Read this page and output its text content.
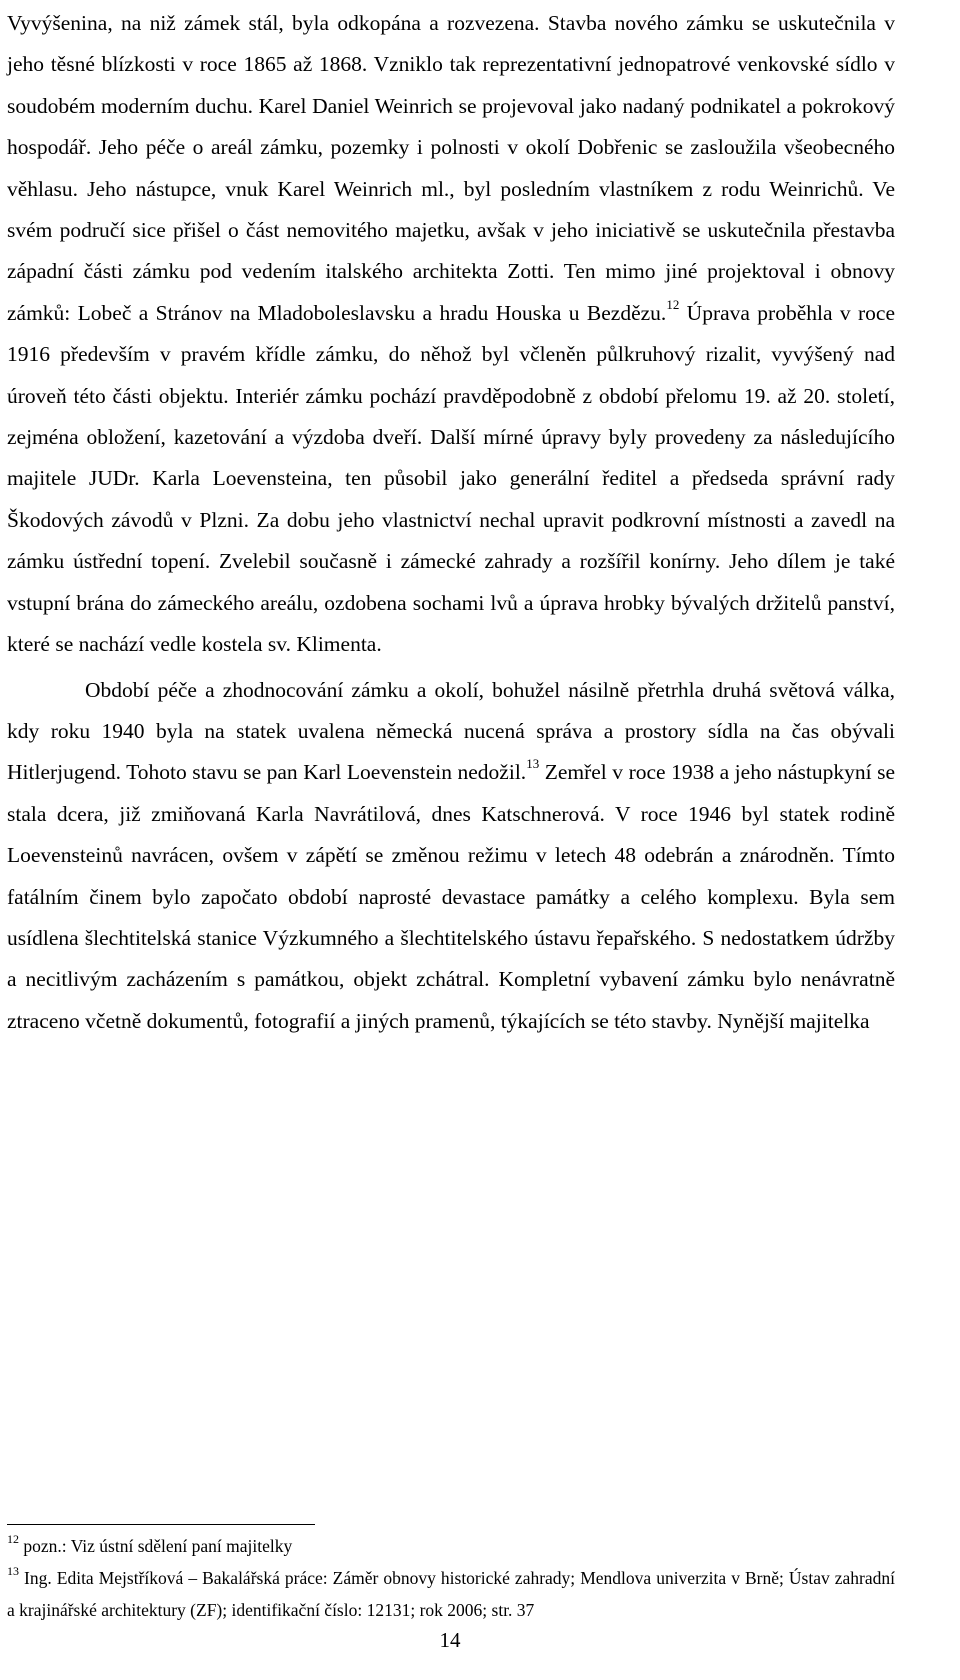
Vyvýšenina, na niž zámek stál, byla odkopána a rozvezena. Stavba nového zámku se uskutečnila v jeho těsné blízkosti v roce 1865 až 1868. Vzniklo tak reprezentativní jednopatrové venkovské sídlo v soudobém moderním duchu. Karel Daniel Weinrich se projevoval jako nadaný podnikatel a pokrokový hospodář. Jeho péče o areál zámku, pozemky i polnosti v okolí Dobřenic se zasloužila všeobecného věhlasu. Jeho nástupce, vnuk Karel Weinrich ml., byl posledním vlastníkem z rodu Weinrichů. Ve svém područí sice přišel o část nemovitého majetku, avšak v jeho iniciativě se uskutečnila přestavba západní části zámku pod vedením italského architekta Zotti. Ten mimo jiné projektoval i obnovy zámků: Lobeč a Stránov na Mladoboleslavsku a hradu Houska u Bezdězu.$^{12}$ Úprava proběhla v roce 1916 především v pravém křídle zámku, do něhož byl včleněn půlkruhový rizalit, vyvýšený nad úroveň této části objektu. Interiér zámku pochází pravděpodobně z období přelomu 19. až 20. století, zejména obložení, kazetování a výzdoba dveří. Další mírné úpravy byly provedeny za následujícího majitele JUDr. Karla Loevensteina, ten působil jako generální ředitel a předseda správní rady Škodových závodů v Plzni. Za dobu jeho vlastnictví nechal upravit podkrovní místnosti a zavedl na zámku ústřední topení. Zvelebil současně i zámecké zahrady a rozšířil konírny. Jeho dílem je také vstupní brána do zámeckého areálu, ozdobena sochami lvů a úprava hrobky bývalých držitelů panství, které se nachází vedle kostela sv. Klimenta.

Období péče a zhodnocování zámku a okolí, bohužel násilně přetrhla druhá světová válka, kdy roku 1940 byla na statek uvalena německá nucená správa a prostory sídla na čas obývali Hitlerjugend. Tohoto stavu se pan Karl Loevenstein nedožil.$^{13}$ Zemřel v roce 1938 a jeho nástupkyní se stala dcera, již zmiňovaná Karla Navrátilová, dnes Katschnerová. V roce 1946 byl statek rodině Loevensteinů navrácen, ovšem v zápětí se změnou režimu v letech 48 odebrán a znárodněn. Tímto fatálním činem bylo započato období naprosté devastace památky a celého komplexu. Byla sem usídlena šlechtitelská stanice Výzkumného a šlechtitelského ústavu řepařského. S nedostatkem údržby a necitlivým zacházením s památkou, objekt zchátral. Kompletní vybavení zámku bylo nenávratně ztraceno včetně dokumentů, fotografií a jiných pramenů, týkajících se této stavby. Nynější majitelka

$^{12}$ pozn.: Viz ústní sdělení paní majitelky

$^{13}$ Ing. Edita Mejstříková – Bakalářská práce: Záměr obnovy historické zahrady; Mendlova univerzita v Brně; Ústav zahradní a krajinářské architektury (ZF); identifikační číslo: 12131; rok 2006; str. 37

14
